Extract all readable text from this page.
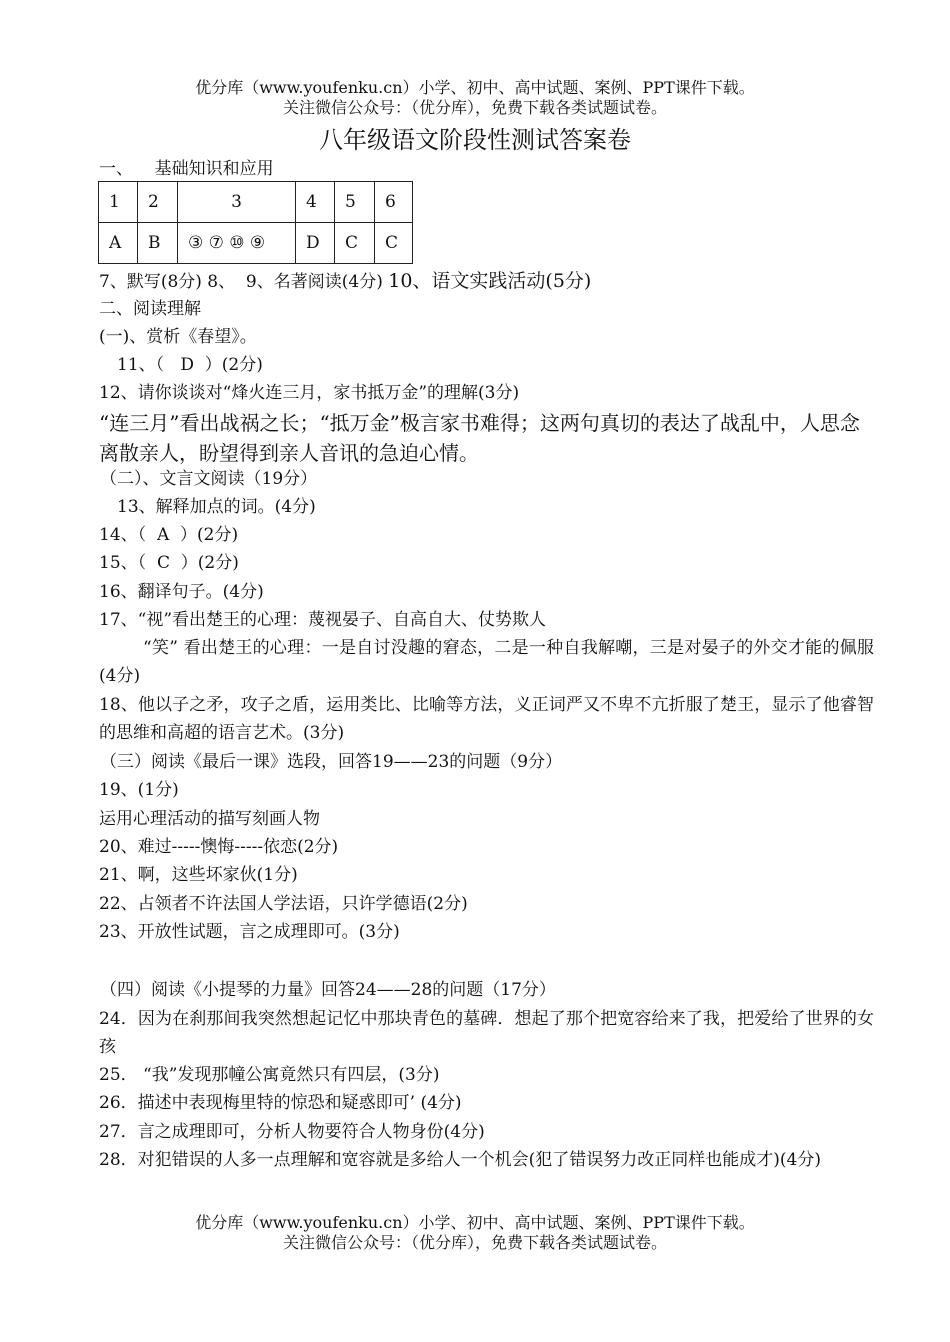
优分库（www.youfenku.cn）小学、初中、高中试题、案例、PPT课件下载。
关注微信公众号：（优分库），免费下载各类试题试卷。
八年级语文阶段性测试答案卷
一、    基础知识和应用
1	2	3	4	5	6
A	B	③ ⑦ ⑩ ⑨	D	C	C
7、默写(8分) 8、  9、名著阅读(4分) 10、语文实践活动(5分)
二、阅读理解
(一)、赏析《春望》。
11、（   D  ）(2分)
12、请你谈谈对“烽火连三月，家书抵万金”的理解(3分)
“连三月”看出战祸之长；“抵万金”极言家书难得；这两句真切的表达了战乱中，人思念离散亲人，盼望得到亲人音讯的急迫心情。
（二）、文言文阅读（19分）
13、解释加点的词。(4分)
14、（  A  ）(2分)
15、（  C  ）(2分)
16、翻译句子。(4分)
17、“视”看出楚王的心理：蔑视晏子、自高自大、仗势欺人
“笑” 看出楚王的心理：一是自讨没趣的窘态，二是一种自我解嘲，三是对晏子的外交才能的佩服(4分)
18、他以子之矛，攻子之盾，运用类比、比喻等方法，义正词严又不卑不亢折服了楚王，显示了他睿智的思维和高超的语言艺术。(3分)
（三）阅读《最后一课》选段，回答19——23的问题（9分）
19、(1分)
运用心理活动的描写刻画人物
20、难过-----懊悔-----依恋(2分)
21、啊，这些坏家伙(1分)
22、占领者不许法国人学法语，只许学德语(2分)
23、开放性试题，言之成理即可。(3分)
（四）阅读《小提琴的力量》回答24——28的问题（17分）
24．因为在刹那间我突然想起记忆中那块青色的墓碑．想起了那个把宽容给来了我，把爱给了世界的女孩
25． “我”发现那幢公寓竟然只有四层，(3分)
26．描述中表现梅里特的惊恐和疑惑即可’ (4分)
27．言之成理即可，分析人物要符合人物身份(4分)
28．对犯错误的人多一点理解和宽容就是多给人一个机会(犯了错误努力改正同样也能成才)(4分)
优分库（www.youfenku.cn）小学、初中、高中试题、案例、PPT课件下载。
关注微信公众号：（优分库），免费下载各类试题试卷。
